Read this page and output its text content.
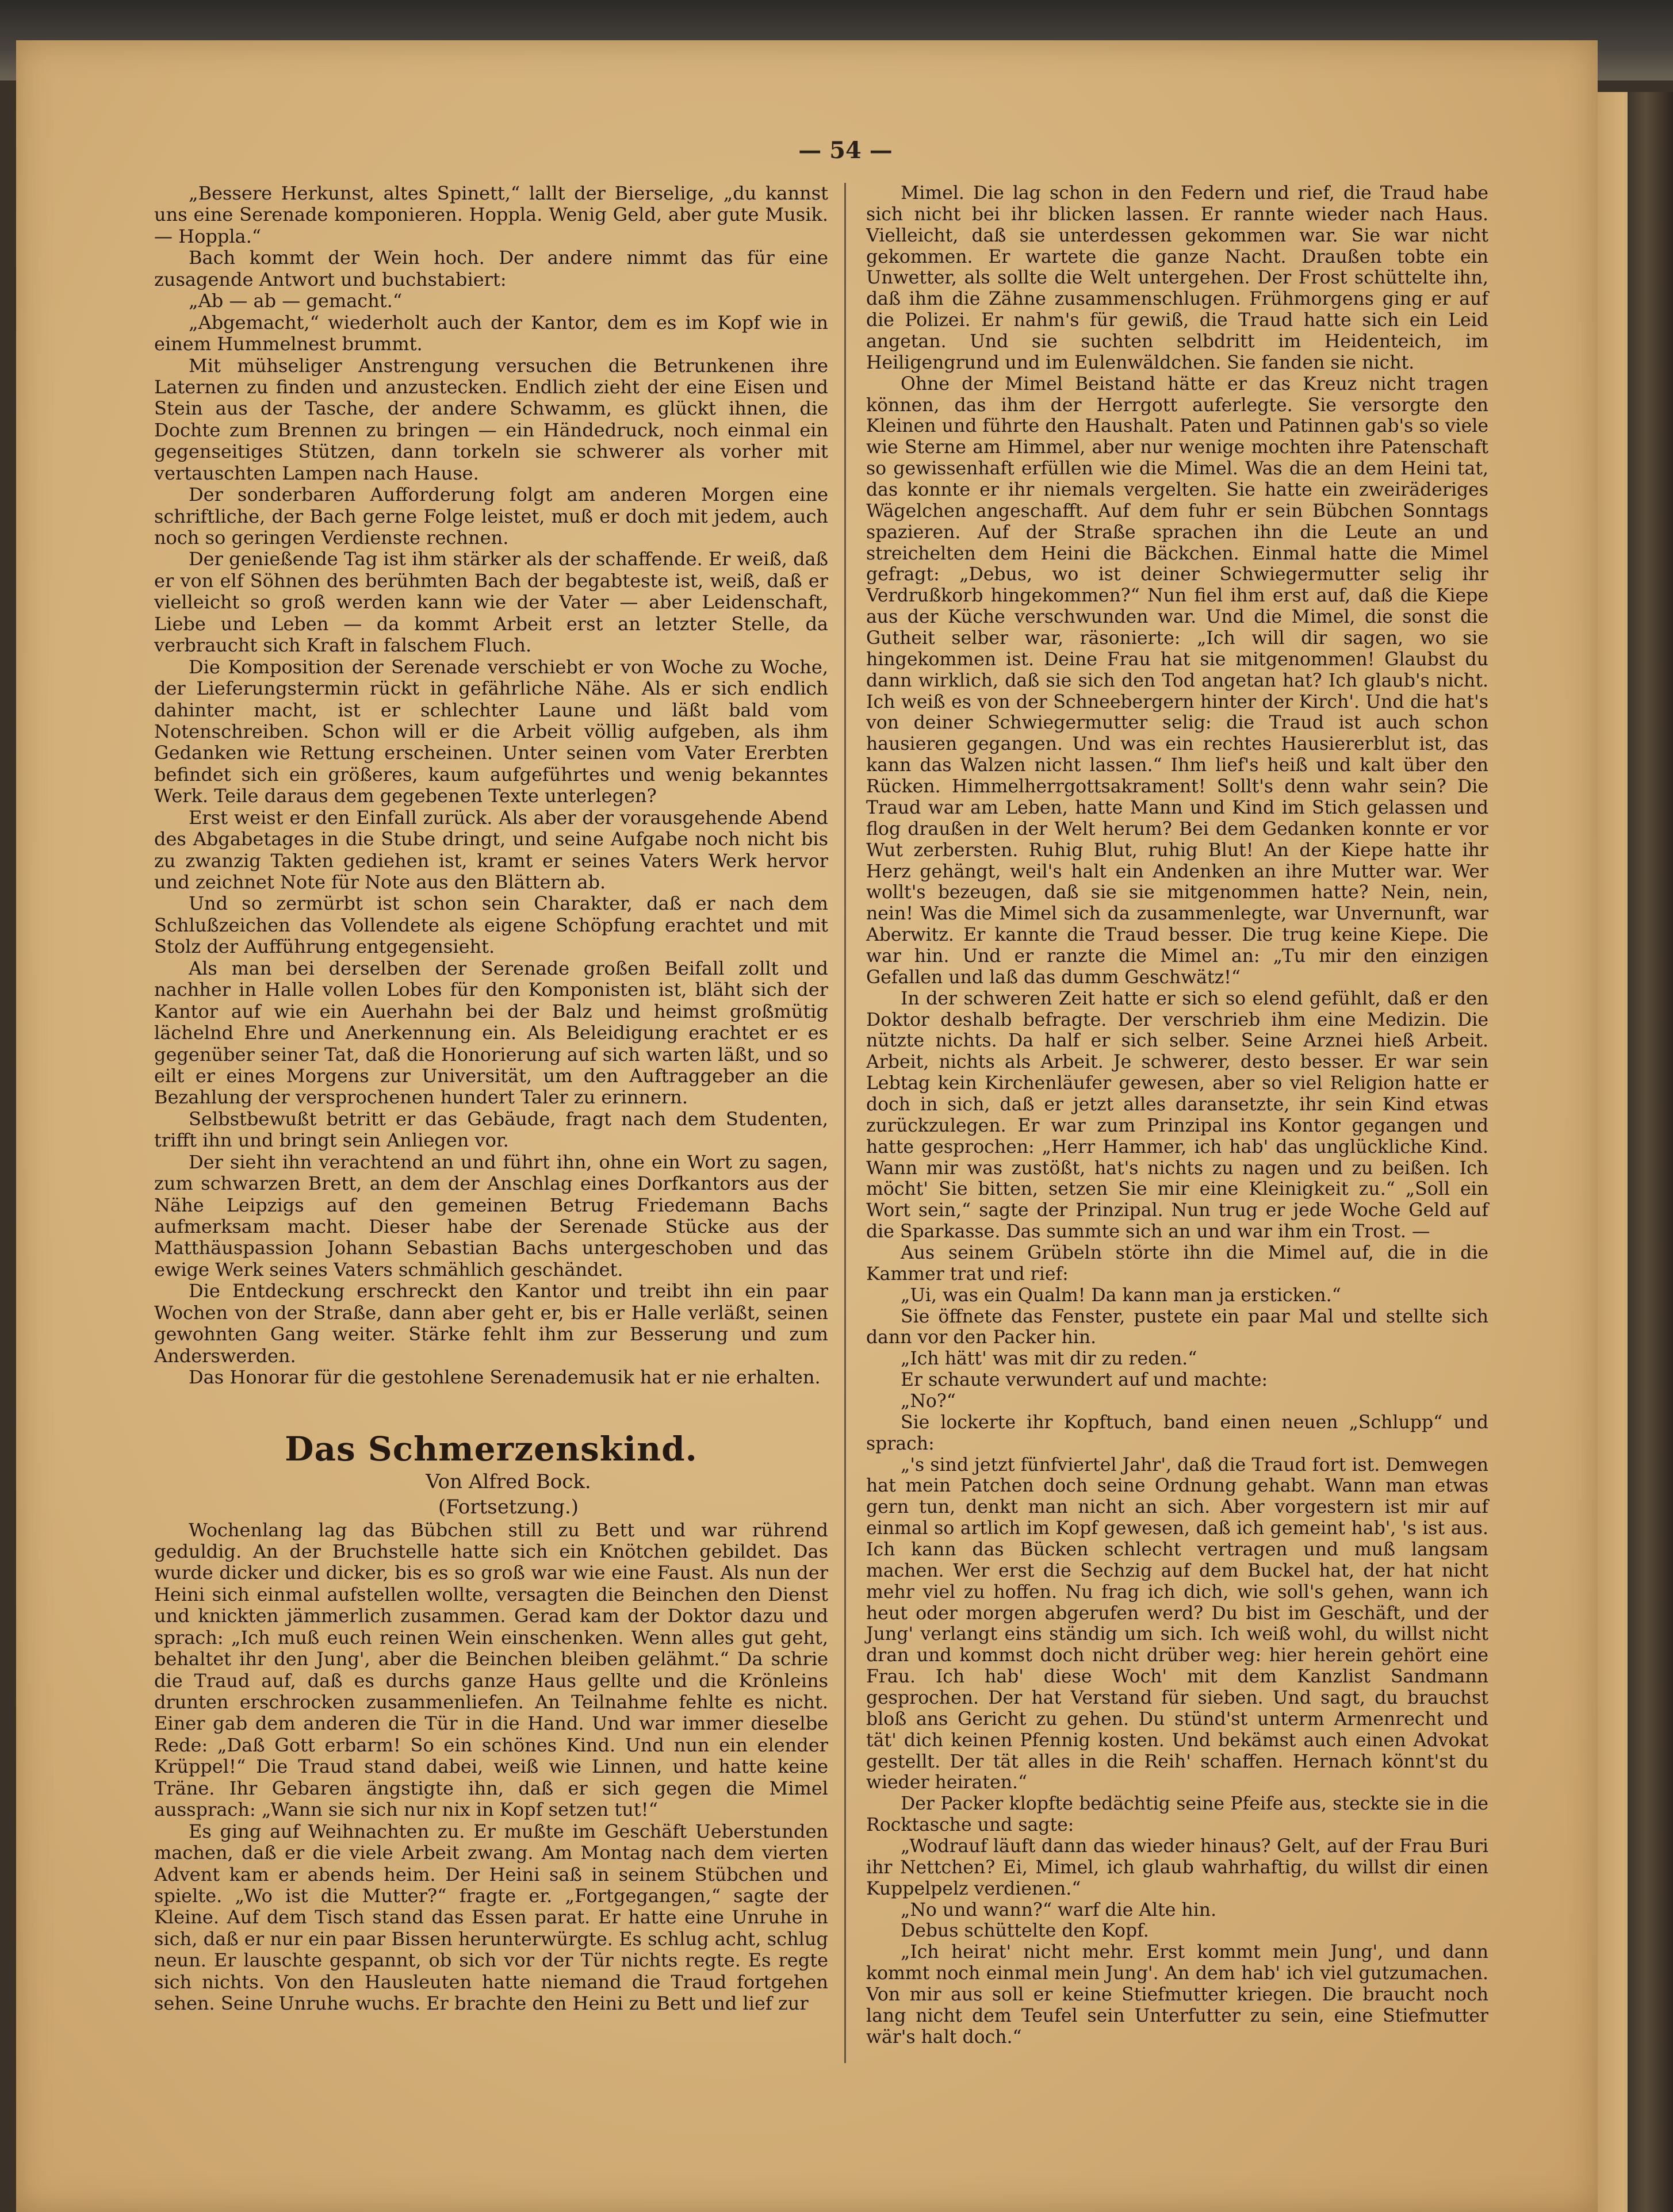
— 54 —

„Bessere Herkunst, altes Spinett,“ lallt der Bierselige, „du kannst uns eine Serenade komponieren. Hoppla. Wenig Geld, aber gute Musik. — Hoppla.“

Bach kommt der Wein hoch. Der andere nimmt das für eine zusagende Antwort und buchstabiert:

„Ab — ab — gemacht.“

„Abgemacht,“ wiederholt auch der Kantor, dem es im Kopf wie in einem Hummelnest brummt.

Mit mühseliger Anstrengung versuchen die Betrunkenen ihre Laternen zu finden und anzustecken. Endlich zieht der eine Eisen und Stein aus der Tasche, der andere Schwamm, es glückt ihnen, die Dochte zum Brennen zu bringen — ein Händedruck, noch einmal ein gegenseitiges Stützen, dann torkeln sie schwerer als vorher mit vertauschten Lampen nach Hause.

Der sonderbaren Aufforderung folgt am anderen Morgen eine schriftliche, der Bach gerne Folge leistet, muß er doch mit jedem, auch noch so geringen Verdienste rechnen.

Der genießende Tag ist ihm stärker als der schaffende. Er weiß, daß er von elf Söhnen des berühmten Bach der begabteste ist, weiß, daß er vielleicht so groß werden kann wie der Vater — aber Leidenschaft, Liebe und Leben — da kommt Arbeit erst an letzter Stelle, da verbraucht sich Kraft in falschem Fluch.

Die Komposition der Serenade verschiebt er von Woche zu Woche, der Lieferungstermin rückt in gefährliche Nähe. Als er sich endlich dahinter macht, ist er schlechter Laune und läßt bald vom Notenschreiben. Schon will er die Arbeit völlig aufgeben, als ihm Gedanken wie Rettung erscheinen. Unter seinen vom Vater Ererbten befindet sich ein größeres, kaum aufgeführtes und wenig bekanntes Werk. Teile daraus dem gegebenen Texte unterlegen?

Erst weist er den Einfall zurück. Als aber der vorausgehende Abend des Abgabetages in die Stube dringt, und seine Aufgabe noch nicht bis zu zwanzig Takten gediehen ist, kramt er seines Vaters Werk hervor und zeichnet Note für Note aus den Blättern ab.

Und so zermürbt ist schon sein Charakter, daß er nach dem Schlußzeichen das Vollendete als eigene Schöpfung erachtet und mit Stolz der Aufführung entgegensieht.

Als man bei derselben der Serenade großen Beifall zollt und nachher in Halle vollen Lobes für den Komponisten ist, bläht sich der Kantor auf wie ein Auerhahn bei der Balz und heimst großmütig lächelnd Ehre und Anerkennung ein. Als Beleidigung erachtet er es gegenüber seiner Tat, daß die Honorierung auf sich warten läßt, und so eilt er eines Morgens zur Universität, um den Auftraggeber an die Bezahlung der versprochenen hundert Taler zu erinnern.

Selbstbewußt betritt er das Gebäude, fragt nach dem Studenten, trifft ihn und bringt sein Anliegen vor.

Der sieht ihn verachtend an und führt ihn, ohne ein Wort zu sagen, zum schwarzen Brett, an dem der Anschlag eines Dorfkantors aus der Nähe Leipzigs auf den gemeinen Betrug Friedemann Bachs aufmerksam macht. Dieser habe der Serenade Stücke aus der Matthäuspassion Johann Sebastian Bachs untergeschoben und das ewige Werk seines Vaters schmählich geschändet.

Die Entdeckung erschreckt den Kantor und treibt ihn ein paar Wochen von der Straße, dann aber geht er, bis er Halle verläßt, seinen gewohnten Gang weiter. Stärke fehlt ihm zur Besserung und zum Anderswerden.

Das Honorar für die gestohlene Serenademusik hat er nie erhalten.

Das Schmerzenskind.

Von Alfred Bock.

(Fortsetzung.)

Wochenlang lag das Bübchen still zu Bett und war rührend geduldig. An der Bruchstelle hatte sich ein Knötchen gebildet. Das wurde dicker und dicker, bis es so groß war wie eine Faust. Als nun der Heini sich einmal aufstellen wollte, versagten die Beinchen den Dienst und knickten jämmerlich zusammen. Gerad kam der Doktor dazu und sprach: „Ich muß euch reinen Wein einschenken. Wenn alles gut geht, behaltet ihr den Jung', aber die Beinchen bleiben gelähmt.“ Da schrie die Traud auf, daß es durchs ganze Haus gellte und die Krönleins drunten erschrocken zusammenliefen. An Teilnahme fehlte es nicht. Einer gab dem anderen die Tür in die Hand. Und war immer dieselbe Rede: „Daß Gott erbarm! So ein schönes Kind. Und nun ein elender Krüppel!“ Die Traud stand dabei, weiß wie Linnen, und hatte keine Träne. Ihr Gebaren ängstigte ihn, daß er sich gegen die Mimel aussprach: „Wann sie sich nur nix in Kopf setzen tut!“

Es ging auf Weihnachten zu. Er mußte im Geschäft Ueberstunden machen, daß er die viele Arbeit zwang. Am Montag nach dem vierten Advent kam er abends heim. Der Heini saß in seinem Stübchen und spielte. „Wo ist die Mutter?“ fragte er. „Fortgegangen,“ sagte der Kleine. Auf dem Tisch stand das Essen parat. Er hatte eine Unruhe in sich, daß er nur ein paar Bissen herunterwürgte. Es schlug acht, schlug neun. Er lauschte gespannt, ob sich vor der Tür nichts regte. Es regte sich nichts. Von den Hausleuten hatte niemand die Traud fortgehen sehen. Seine Unruhe wuchs. Er brachte den Heini zu Bett und lief zur

Mimel. Die lag schon in den Federn und rief, die Traud habe sich nicht bei ihr blicken lassen. Er rannte wieder nach Haus. Vielleicht, daß sie unterdessen gekommen war. Sie war nicht gekommen. Er wartete die ganze Nacht. Draußen tobte ein Unwetter, als sollte die Welt untergehen. Der Frost schüttelte ihn, daß ihm die Zähne zusammenschlugen. Frühmorgens ging er auf die Polizei. Er nahm's für gewiß, die Traud hatte sich ein Leid angetan. Und sie suchten selbdritt im Heidenteich, im Heiligengrund und im Eulenwäldchen. Sie fanden sie nicht.

Ohne der Mimel Beistand hätte er das Kreuz nicht tragen können, das ihm der Herrgott auferlegte. Sie versorgte den Kleinen und führte den Haushalt. Paten und Patinnen gab's so viele wie Sterne am Himmel, aber nur wenige mochten ihre Patenschaft so gewissenhaft erfüllen wie die Mimel. Was die an dem Heini tat, das konnte er ihr niemals vergelten. Sie hatte ein zweiräderiges Wägelchen angeschafft. Auf dem fuhr er sein Bübchen Sonntags spazieren. Auf der Straße sprachen ihn die Leute an und streichelten dem Heini die Bäckchen. Einmal hatte die Mimel gefragt: „Debus, wo ist deiner Schwiegermutter selig ihr Verdrußkorb hingekommen?“ Nun fiel ihm erst auf, daß die Kiepe aus der Küche verschwunden war. Und die Mimel, die sonst die Gutheit selber war, räsonierte: „Ich will dir sagen, wo sie hingekommen ist. Deine Frau hat sie mitgenommen! Glaubst du dann wirklich, daß sie sich den Tod angetan hat? Ich glaub's nicht. Ich weiß es von der Schneebergern hinter der Kirch'. Und die hat's von deiner Schwiegermutter selig: die Traud ist auch schon hausieren gegangen. Und was ein rechtes Hausiererblut ist, das kann das Walzen nicht lassen.“ Ihm lief's heiß und kalt über den Rücken. Himmelherrgottsakrament! Sollt's denn wahr sein? Die Traud war am Leben, hatte Mann und Kind im Stich gelassen und flog draußen in der Welt herum? Bei dem Gedanken konnte er vor Wut zerbersten. Ruhig Blut, ruhig Blut! An der Kiepe hatte ihr Herz gehängt, weil's halt ein Andenken an ihre Mutter war. Wer wollt's bezeugen, daß sie sie mitgenommen hatte? Nein, nein, nein! Was die Mimel sich da zusammenlegte, war Unvernunft, war Aberwitz. Er kannte die Traud besser. Die trug keine Kiepe. Die war hin. Und er ranzte die Mimel an: „Tu mir den einzigen Gefallen und laß das dumm Geschwätz!“

In der schweren Zeit hatte er sich so elend gefühlt, daß er den Doktor deshalb befragte. Der verschrieb ihm eine Medizin. Die nützte nichts. Da half er sich selber. Seine Arznei hieß Arbeit. Arbeit, nichts als Arbeit. Je schwerer, desto besser. Er war sein Lebtag kein Kirchenläufer gewesen, aber so viel Religion hatte er doch in sich, daß er jetzt alles daransetzte, ihr sein Kind etwas zurückzulegen. Er war zum Prinzipal ins Kontor gegangen und hatte gesprochen: „Herr Hammer, ich hab' das unglückliche Kind. Wann mir was zustößt, hat's nichts zu nagen und zu beißen. Ich möcht' Sie bitten, setzen Sie mir eine Kleinigkeit zu.“ „Soll ein Wort sein,“ sagte der Prinzipal. Nun trug er jede Woche Geld auf die Sparkasse. Das summte sich an und war ihm ein Trost. —

Aus seinem Grübeln störte ihn die Mimel auf, die in die Kammer trat und rief:

„Ui, was ein Qualm! Da kann man ja ersticken.“

Sie öffnete das Fenster, pustete ein paar Mal und stellte sich dann vor den Packer hin.

„Ich hätt' was mit dir zu reden.“

Er schaute verwundert auf und machte:

„No?“

Sie lockerte ihr Kopftuch, band einen neuen „Schlupp“ und sprach:

„'s sind jetzt fünfviertel Jahr', daß die Traud fort ist. Demwegen hat mein Patchen doch seine Ordnung gehabt. Wann man etwas gern tun, denkt man nicht an sich. Aber vorgestern ist mir auf einmal so artlich im Kopf gewesen, daß ich gemeint hab', 's ist aus. Ich kann das Bücken schlecht vertragen und muß langsam machen. Wer erst die Sechzig auf dem Buckel hat, der hat nicht mehr viel zu hoffen. Nu frag ich dich, wie soll's gehen, wann ich heut oder morgen abgerufen werd? Du bist im Geschäft, und der Jung' verlangt eins ständig um sich. Ich weiß wohl, du willst nicht dran und kommst doch nicht drüber weg: hier herein gehört eine Frau. Ich hab' diese Woch' mit dem Kanzlist Sandmann gesprochen. Der hat Verstand für sieben. Und sagt, du brauchst bloß ans Gericht zu gehen. Du stünd'st unterm Armenrecht und tät' dich keinen Pfennig kosten. Und bekämst auch einen Advokat gestellt. Der tät alles in die Reih' schaffen. Hernach könnt'st du wieder heiraten.“

Der Packer klopfte bedächtig seine Pfeife aus, steckte sie in die Rocktasche und sagte:

„Wodrauf läuft dann das wieder hinaus? Gelt, auf der Frau Buri ihr Nettchen? Ei, Mimel, ich glaub wahrhaftig, du willst dir einen Kuppelpelz verdienen.“

„No und wann?“ warf die Alte hin.

Debus schüttelte den Kopf.

„Ich heirat' nicht mehr. Erst kommt mein Jung', und dann kommt noch einmal mein Jung'. An dem hab' ich viel gutzumachen. Von mir aus soll er keine Stiefmutter kriegen. Die braucht noch lang nicht dem Teufel sein Unterfutter zu sein, eine Stiefmutter wär's halt doch.“
